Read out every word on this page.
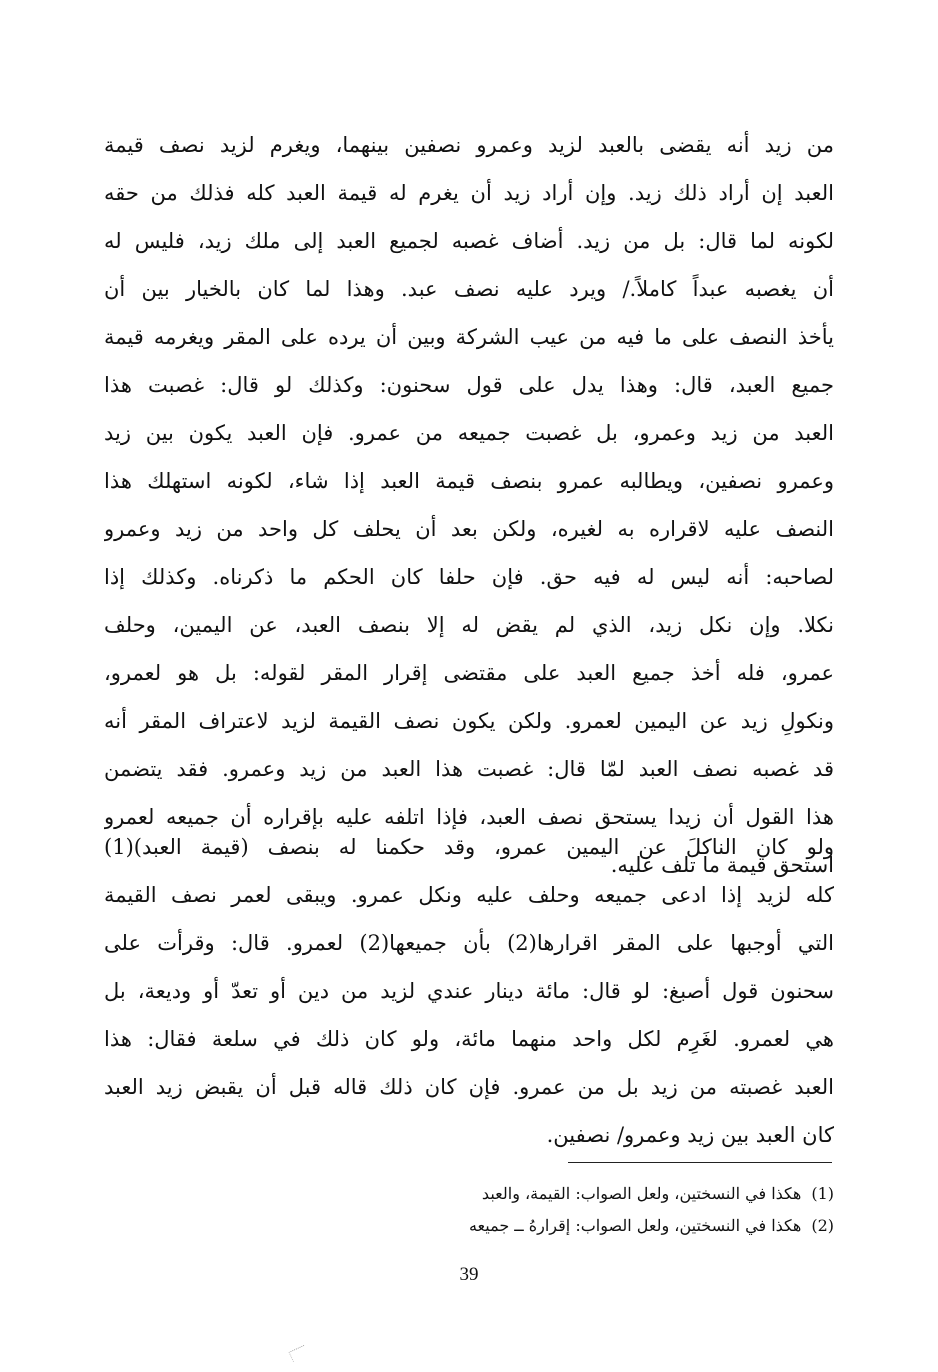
من زيد أنه يقضى بالعبد لزيد وعمرو نصفين بينهما، ويغرم لزيد نصف قيمة
العبد إن أراد ذلك زيد. وإن أراد زيد أن يغرم له قيمة العبد كله فذلك من حقه
لكونه لما قال: بل من زيد. أضاف غصبه لجميع العبد إلى ملك زيد، فليس له
أن يغصبه عبداً كاملاً./ ويرد عليه نصف عبد. وهذا لما كان بالخيار بين أن
يأخذ النصف على ما فيه من عيب الشركة وبين أن يرده على المقر ويغرمه قيمة
جميع العبد، قال: وهذا يدل على قول سحنون: وكذلك لو قال: غصبت هذا
العبد من زيد وعمرو، بل غصبت جميعه من عمرو. فإن العبد يكون بين زيد
وعمرو نصفين، ويطالبه عمرو بنصف قيمة العبد إذا شاء، لكونه استهلك هذا
النصف عليه لاقراره به لغيره، ولكن بعد أن يحلف كل واحد من زيد وعمرو
لصاحبه: أنه ليس له فيه حق. فإن حلفا كان الحكم ما ذكرناه. وكذلك إذا
نكلا. وإن نكل زيد، الذي لم يقض له إلا بنصف العبد، عن اليمين، وحلف
عمرو، فله أخذ جميع العبد على مقتضى إقرار المقر لقوله: بل هو لعمرو،
ونكولِ زيد عن اليمين لعمرو. ولكن يكون نصف القيمة لزيد لاعتراف المقر أنه
قد غصبه نصف العبد لمّا قال: غصبت هذا العبد من زيد وعمرو. فقد يتضمن
هذا القول أن زيدا يستحق نصف العبد، فإذا اتلفه عليه بإقراره أن جميعه لعمرو
استحق قيمة ما تلف عليه.
ولو كان الناكلَ عن اليمين عمرو، وقد حكمنا له بنصف (قيمة العبد)(1)
كله لزيد إذا ادعى جميعه وحلف عليه ونكل عمرو. ويبقى لعمر نصف القيمة
التي أوجبها على المقر اقرارها(2) بأن جميعها(2) لعمرو. قال: وقرأت على
سحنون قول أصبغ: لو قال: مائة دينار عندي لزيد من دين أو تعدّ أو وديعة، بل
هي لعمرو. لغَرِم لكل واحد منهما مائة، ولو كان ذلك في سلعة فقال: هذا
العبد غصبته من زيد بل من عمرو. فإن كان ذلك قاله قبل أن يقبض زيد العبد
كان العبد بين زيد وعمرو/ نصفين.
(1)هكذا في النسختين، ولعل الصواب: القيمة، والعبد
(2)هكذا في النسختين، ولعل الصواب: إقرارهُ ــ جميعه
39
